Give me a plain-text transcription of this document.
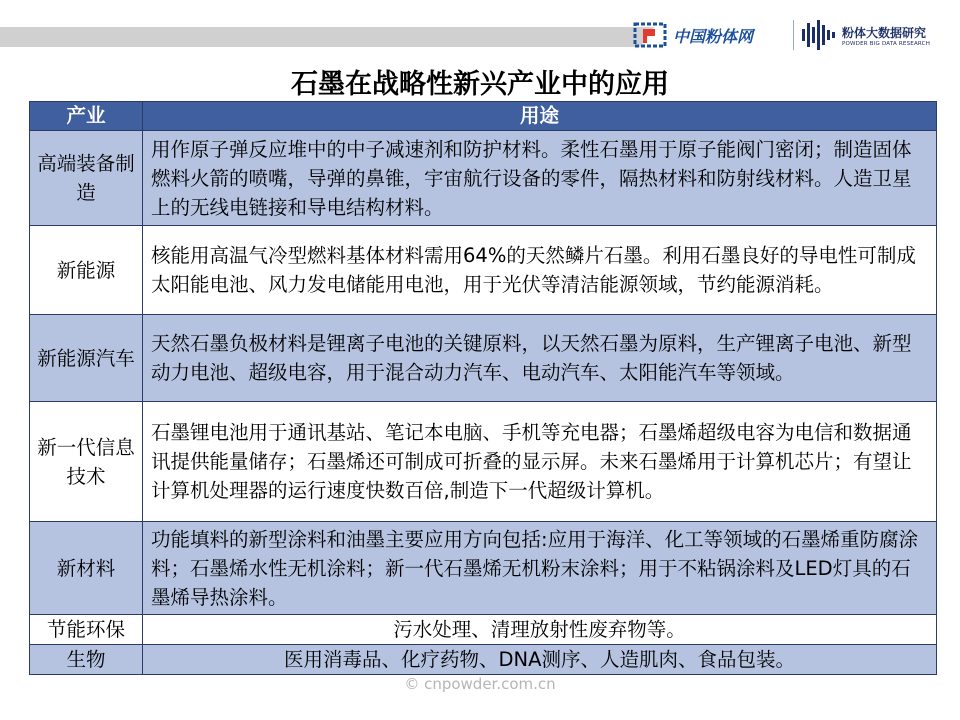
中国粉体网	粉体大数据研究
POWDER BIG DATA RESEARCH
石墨在战略性新兴产业中的应用
产业	用途
高端装备制造	用作原子弹反应堆中的中子减速剂和防护材料。柔性石墨用于原子能阀门密闭；制造固体燃料火箭的喷嘴，导弹的鼻锥，宇宙航行设备的零件，隔热材料和防射线材料。人造卫星上的无线电链接和导电结构材料。
新能源	核能用高温气冷型燃料基体材料需用64%的天然鳞片石墨。利用石墨良好的导电性可制成太阳能电池、风力发电储能用电池，用于光伏等清洁能源领域，节约能源消耗。
新能源汽车	天然石墨负极材料是锂离子电池的关键原料，以天然石墨为原料，生产锂离子电池、新型动力电池、超级电容，用于混合动力汽车、电动汽车、太阳能汽车等领域。
新一代信息技术	石墨锂电池用于通讯基站、笔记本电脑、手机等充电器；石墨烯超级电容为电信和数据通讯提供能量储存；石墨烯还可制成可折叠的显示屏。未来石墨烯用于计算机芯片；有望让计算机处理器的运行速度快数百倍,制造下一代超级计算机。
新材料	功能填料的新型涂料和油墨主要应用方向包括:应用于海洋、化工等领域的石墨烯重防腐涂料；石墨烯水性无机涂料；新一代石墨烯无机粉末涂料；用于不粘锅涂料及LED灯具的石墨烯导热涂料。
节能环保	污水处理、清理放射性废弃物等。
生物	医用消毒品、化疗药物、DNA测序、人造肌肉、食品包装。
© cnpowder.com.cn
